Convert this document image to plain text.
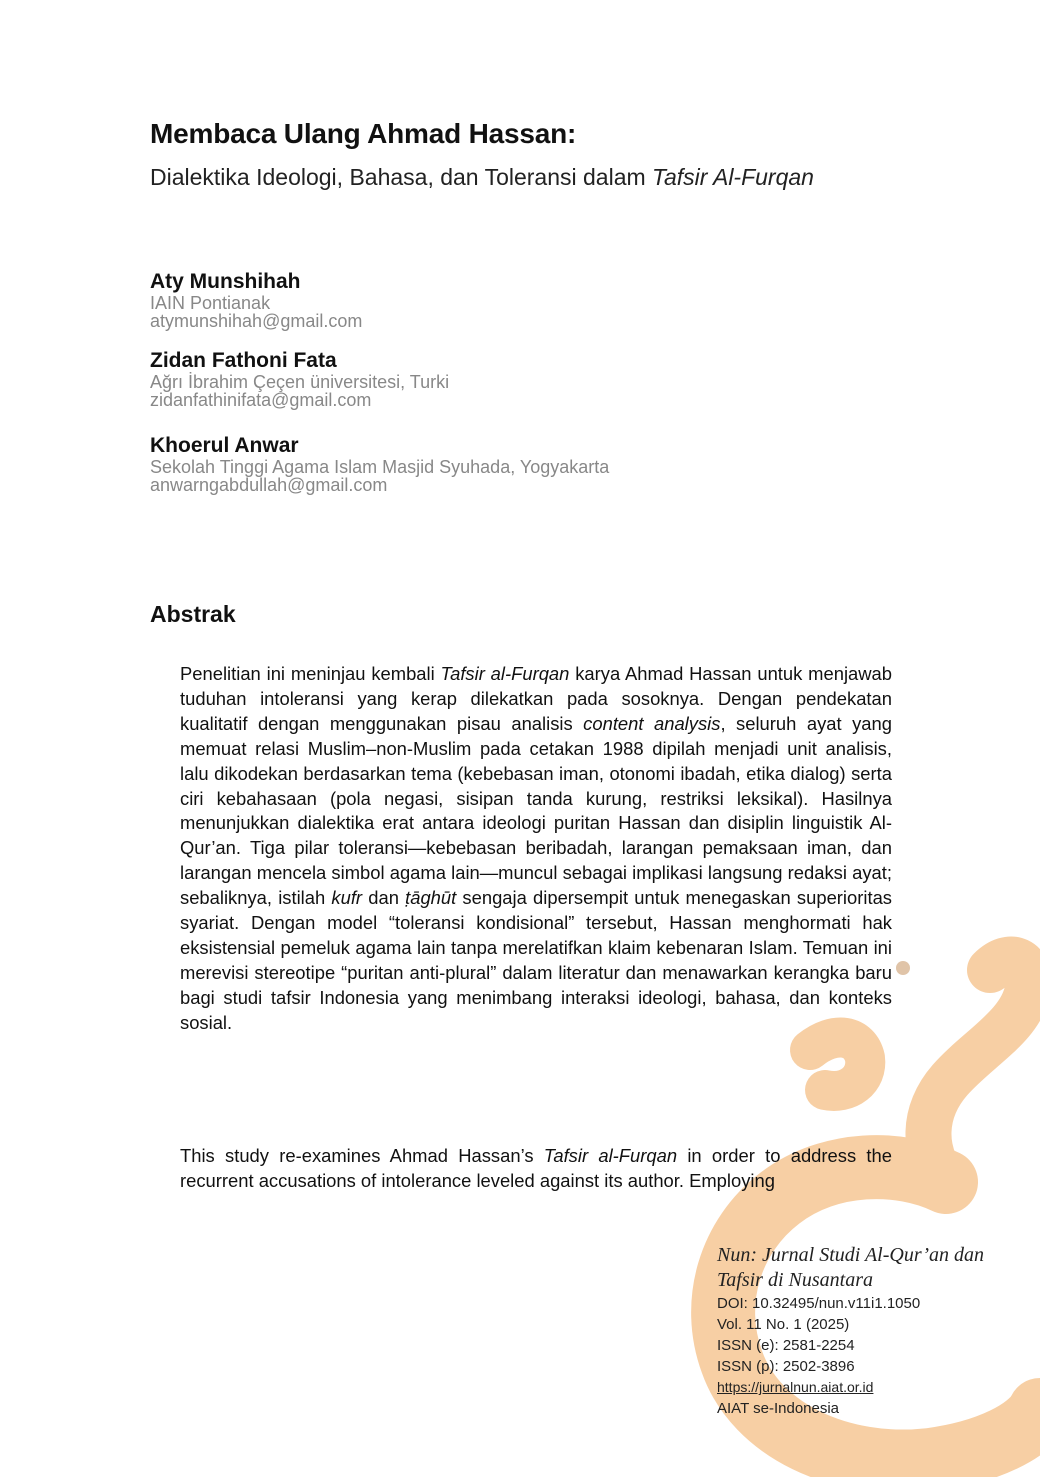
Membaca Ulang Ahmad Hassan:
Dialektika Ideologi, Bahasa, dan Toleransi dalam Tafsir Al-Furqan
Aty Munshihah
IAIN Pontianak
atymunshihah@gmail.com
Zidan Fathoni Fata
Ağrı İbrahim Çeçen üniversitesi, Turki
zidanfathinifata@gmail.com
Khoerul Anwar
Sekolah Tinggi Agama Islam Masjid Syuhada, Yogyakarta
anwarngabdullah@gmail.com
Abstrak

Penelitian ini meninjau kembali Tafsir al-Furqan karya Ahmad Hassan untuk menjawab tuduhan intoleransi yang kerap dilekatkan pada sosoknya. Dengan pendekatan kualitatif dengan menggunakan pisau analisis content analysis, seluruh ayat yang memuat relasi Muslim–non-Muslim pada cetakan 1988 dipilah menjadi unit analisis, lalu dikodekan berdasarkan tema (kebebasan iman, otonomi ibadah, etika dialog) serta ciri kebahasaan (pola negasi, sisipan tanda kurung, restriksi leksikal). Hasilnya menunjukkan dialektika erat antara ideologi puritan Hassan dan disiplin linguistik Al-Qur’an. Tiga pilar toleransi—kebebasan beribadah, larangan pemaksaan iman, dan larangan mencela simbol agama lain—muncul sebagai implikasi langsung redaksi ayat; sebaliknya, istilah kufr dan ṭāghūt sengaja dipersempit untuk menegaskan superioritas syariat. Dengan model “toleransi kondisional” tersebut, Hassan menghormati hak eksistensial pemeluk agama lain tanpa merelatifkan klaim kebenaran Islam. Temuan ini merevisi stereotipe “puritan anti-plural” dalam literatur dan menawarkan kerangka baru bagi studi tafsir Indonesia yang menimbang interaksi ideologi, bahasa, dan konteks sosial.

This study re-examines Ahmad Hassan’s Tafsir al-Furqan in order to address the recurrent accusations of intolerance leveled against its author. Employing

Nun: Jurnal Studi Al-Qur’an dan
Tafsir di Nusantara
DOI: 10.32495/nun.v11i1.1050
Vol. 11 No. 1 (2025)
ISSN (e): 2581-2254
ISSN (p): 2502-3896
https://jurnalnun.aiat.or.id
AIAT se-Indonesia
